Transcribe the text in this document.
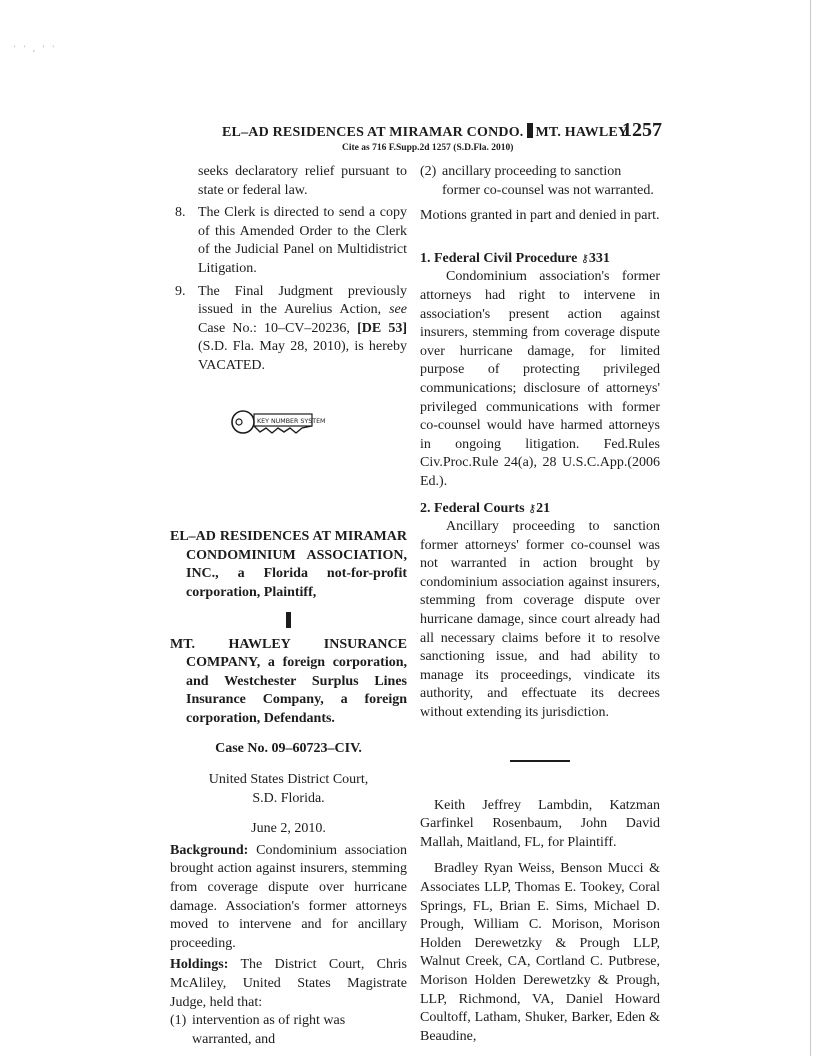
' ' , ' '
EL–AD RESIDENCES AT MIRAMAR CONDO. MT. HAWLEY
1257
Cite as 716 F.Supp.2d 1257 (S.D.Fla. 2010)

seeks declaratory relief pursuant to state or federal law.

8. The Clerk is directed to send a copy of this Amended Order to the Clerk of the Judicial Panel on Multidistrict Litigation.
9. The Final Judgment previously issued in the Aurelius Action, see Case No.: 10–CV–20236, [DE 53] (S.D. Fla. May 28, 2010), is hereby VACATED.
KEY NUMBER SYSTEM

EL–AD RESIDENCES AT MIRAMAR CONDOMINIUM ASSOCIATION, INC., a Florida not-for-profit corporation, Plaintiff,

MT. HAWLEY INSURANCE COMPANY, a foreign corporation, and Westchester Surplus Lines Insurance Company, a foreign corporation, Defendants.

Case No. 09–60723–CIV.

United States District Court,
S.D. Florida.

June 2, 2010.

Background: Condominium association brought action against insurers, stemming from coverage dispute over hurricane damage. Association's former attorneys moved to intervene and for ancillary proceeding.

Holdings: The District Court, Chris McAliley, United States Magistrate Judge, held that:

(1) intervention as of right was warranted, and
(2) ancillary proceeding to sanction former co-counsel was not warranted.

Motions granted in part and denied in part.

1. Federal Civil Procedure ⚷331

Condominium association's former attorneys had right to intervene in association's present action against insurers, stemming from coverage dispute over hurricane damage, for limited purpose of protecting privileged communications; disclosure of attorneys' privileged communications with former co-counsel would have harmed attorneys in ongoing litigation. Fed.Rules Civ.Proc.Rule 24(a), 28 U.S.C.App.(2006 Ed.).

2. Federal Courts ⚷21

Ancillary proceeding to sanction former attorneys' former co-counsel was not warranted in action brought by condominium association against insurers, stemming from coverage dispute over hurricane damage, since court already had all necessary claims before it to resolve sanctioning issue, and had ability to manage its proceedings, vindicate its authority, and effectuate its decrees without extending its jurisdiction.

Keith Jeffrey Lambdin, Katzman Garfinkel Rosenbaum, John David Mallah, Maitland, FL, for Plaintiff.

Bradley Ryan Weiss, Benson Mucci & Associates LLP, Thomas E. Tookey, Coral Springs, FL, Brian E. Sims, Michael D. Prough, William C. Morison, Morison Holden Derewetzky & Prough LLP, Walnut Creek, CA, Cortland C. Putbrese, Morison Holden Derewetzky & Prough, LLP, Richmond, VA, Daniel Howard Coultoff, Latham, Shuker, Barker, Eden & Beaudine,
